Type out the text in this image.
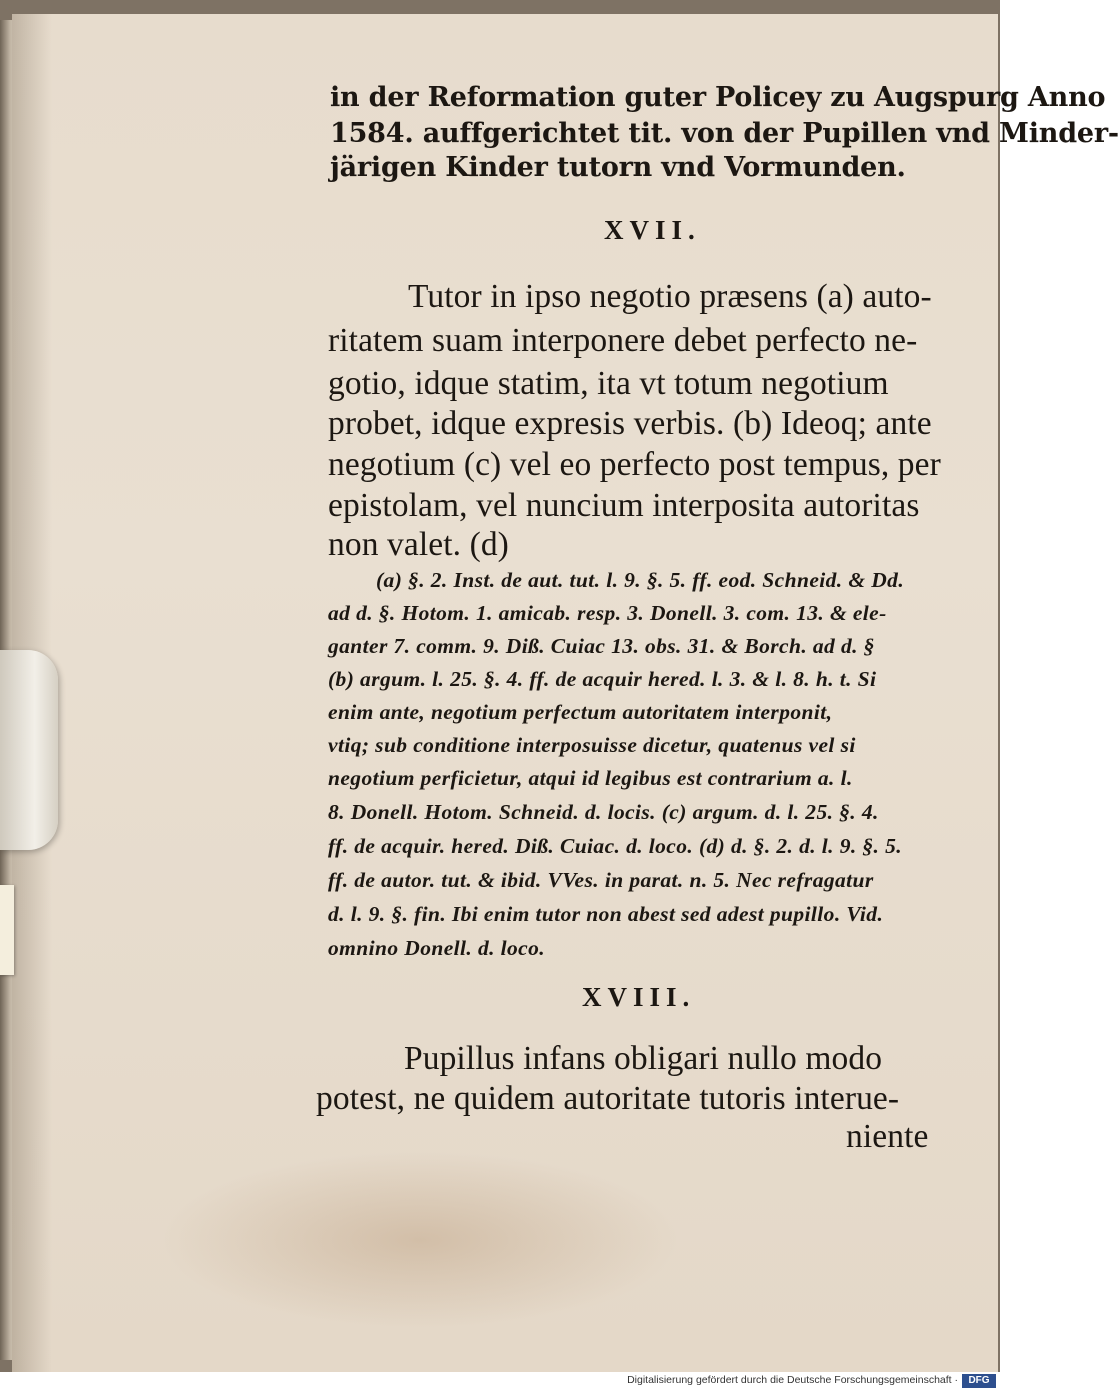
in der Reformation guter Policey zu Augspurg Anno
1584. auffgerichtet tit. von der Pupillen vnd Minder-
järigen Kinder tutorn vnd Vormunden.
XVII.
Tutor in ipso negotio præsens (a) auto-
ritatem suam interponere debet perfecto ne-
gotio, idque statim, ita vt totum negotium
probet, idque expresis verbis. (b) Ideoq; ante
negotium (c) vel eo perfecto post tempus, per
epistolam, vel nuncium interposita autoritas
non valet. (d)
(a) §. 2. Inst. de aut. tut. l. 9. §. 5. ff. eod. Schneid. & Dd.
ad d. §. Hotom. 1. amicab. resp. 3. Donell. 3. com. 13. & ele-
ganter 7. comm. 9. Diß. Cuiac 13. obs. 31. & Borch. ad d. §
(b) argum. l. 25. §. 4. ff. de acquir hered. l. 3. & l. 8. h. t. Si
enim ante, negotium perfectum autoritatem interponit,
vtiq; sub conditione interposuisse dicetur, quatenus vel si
negotium perficietur, atqui id legibus est contrarium a. l.
8. Donell. Hotom. Schneid. d. locis. (c) argum. d. l. 25. §. 4.
ff. de acquir. hered. Diß. Cuiac. d. loco. (d) d. §. 2. d. l. 9. §. 5.
ff. de autor. tut. & ibid. VVes. in parat. n. 5. Nec refragatur
d. l. 9. §. fin. Ibi enim tutor non abest sed adest pupillo. Vid.
omnino Donell. d. loco.
XVIII.
Pupillus infans obligari nullo modo
potest, ne quidem autoritate tutoris interue-
niente
Digitalisierung gefördert durch die Deutsche Forschungsgemeinschaft ·	DFG
